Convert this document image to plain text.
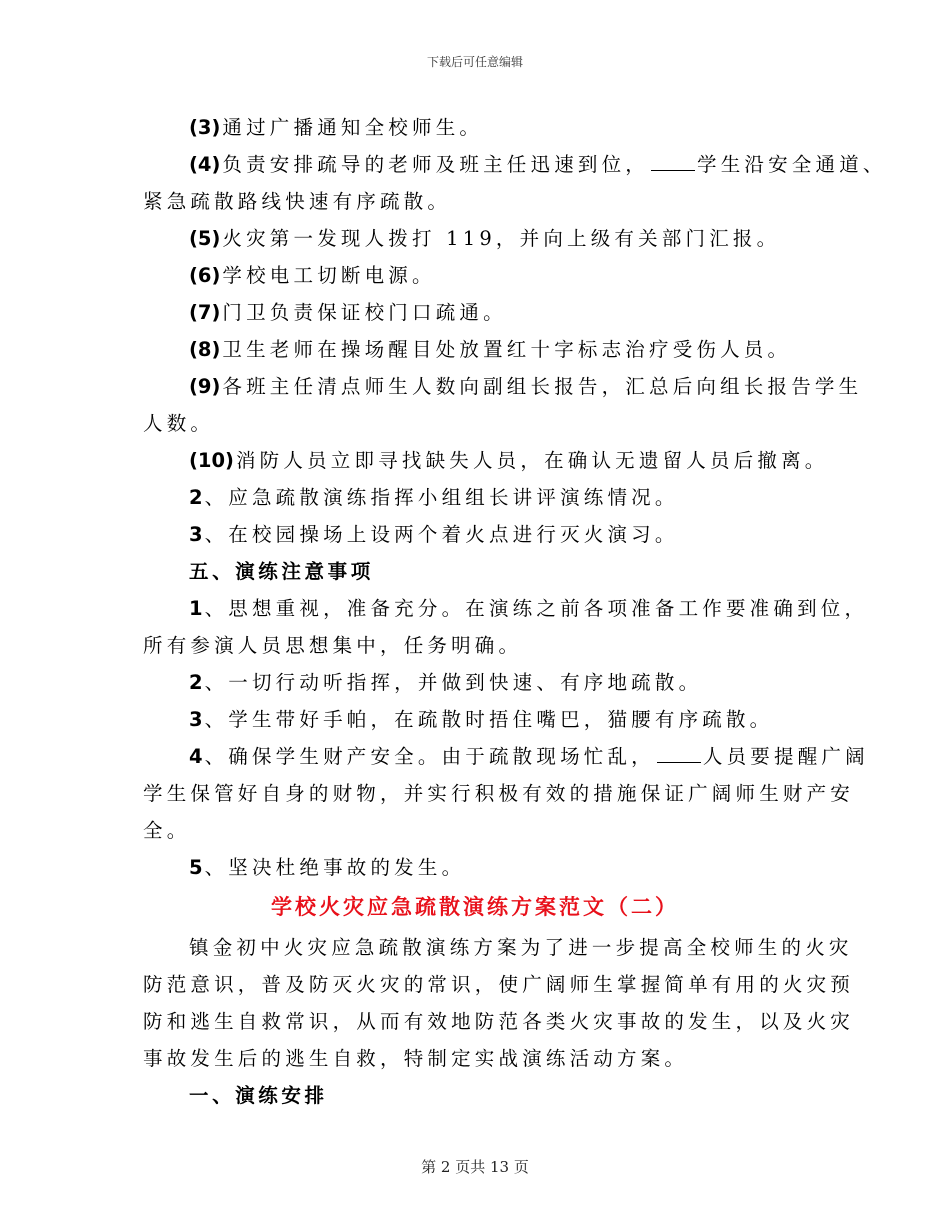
下载后可任意编辑
(3) 通过广播通知全校师生。
(4) 负责安排疏导的老师及班主任迅速到位， 学生沿安全通道、
紧急疏散路线快速有序疏散。
(5) 火灾第一发现人拨打 119，并向上级有关部门汇报。
(6) 学校电工切断电源。
(7) 门卫负责保证校门口疏通。
(8) 卫生老师在操场醒目处放置红十字标志治疗受伤人员。
(9) 各班主任清点师生人数向副组长报告，汇总后向组长报告学生
人数。
(10) 消防人员立即寻找缺失人员，在确认无遗留人员后撤离。
2 、应急疏散演练指挥小组组长讲评演练情况。
3 、在校园操场上设两个着火点进行灭火演习。
五、演练注意事项
1 、思想重视，准备充分。在演练之前各项准备工作要准确到位，
所有参演人员思想集中，任务明确。
2 、一切行动听指挥，并做到快速、有序地疏散。
3 、学生带好手帕，在疏散时捂住嘴巴，猫腰有序疏散。
4 、确保学生财产安全。由于疏散现场忙乱， 人员要提醒广阔
学生保管好自身的财物，并实行积极有效的措施保证广阔师生财产安
全。
5 、坚决杜绝事故的发生。
学校火灾应急疏散演练方案范文（二）
镇金初中火灾应急疏散演练方案为了进一步提高全校师生的火灾
防范意识，普及防灭火灾的常识，使广阔师生掌握简单有用的火灾预
防和逃生自救常识，从而有效地防范各类火灾事故的发生，以及火灾
事故发生后的逃生自救，特制定实战演练活动方案。
一、演练安排
第 2 页共 13 页
